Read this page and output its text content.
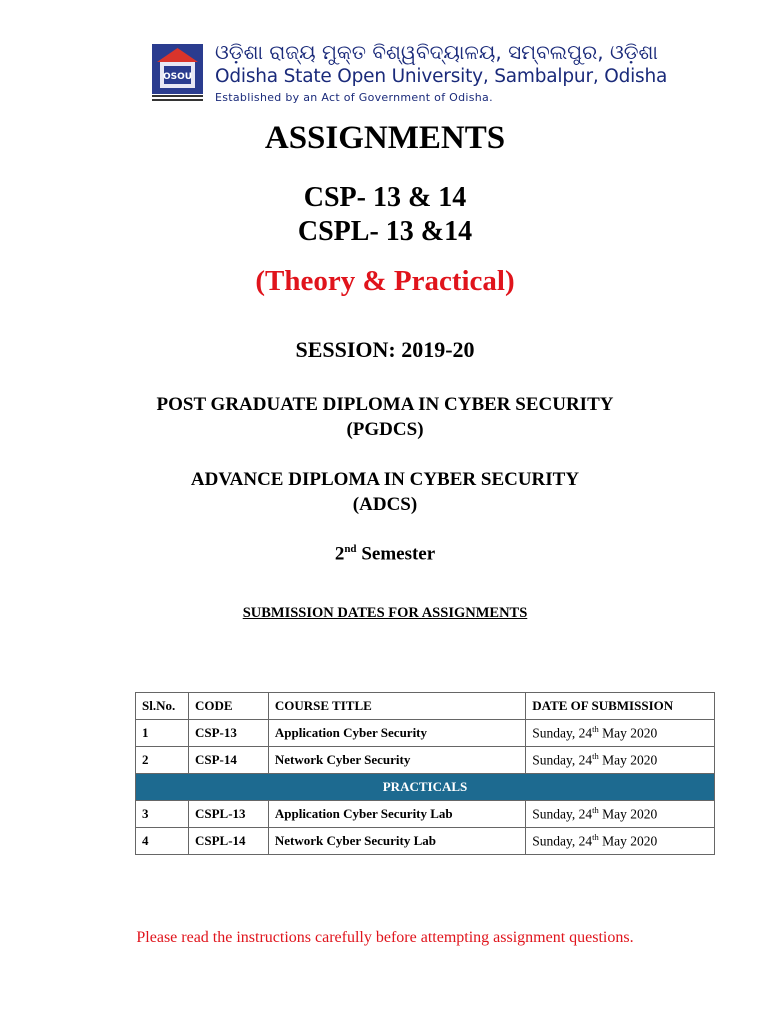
OSOU
ଓଡ଼ିଶା ରାଜ୍ୟ ମୁକ୍ତ ବିଶ୍ୱବିଦ୍ୟାଳୟ, ସମ୍ବଲପୁର, ଓଡ଼ିଶା
Odisha State Open University, Sambalpur, Odisha
Established by an Act of Government of Odisha.
ASSIGNMENTS
CSP- 13 & 14
CSPL- 13 &14
(Theory & Practical)
SESSION: 2019-20
POST GRADUATE DIPLOMA IN CYBER SECURITY
(PGDCS)
ADVANCE DIPLOMA IN CYBER SECURITY
(ADCS)
2nd Semester
SUBMISSION DATES FOR ASSIGNMENTS
Sl.No.	CODE	COURSE TITLE	DATE OF SUBMISSION
1	CSP-13	Application Cyber Security	Sunday, 24th May 2020
2	CSP-14	Network Cyber Security	Sunday, 24th May 2020
PRACTICALS			
3	CSPL-13	Application Cyber Security Lab	Sunday, 24th May 2020
4	CSPL-14	Network Cyber Security Lab	Sunday, 24th May 2020
Please read the instructions carefully before attempting assignment questions.
